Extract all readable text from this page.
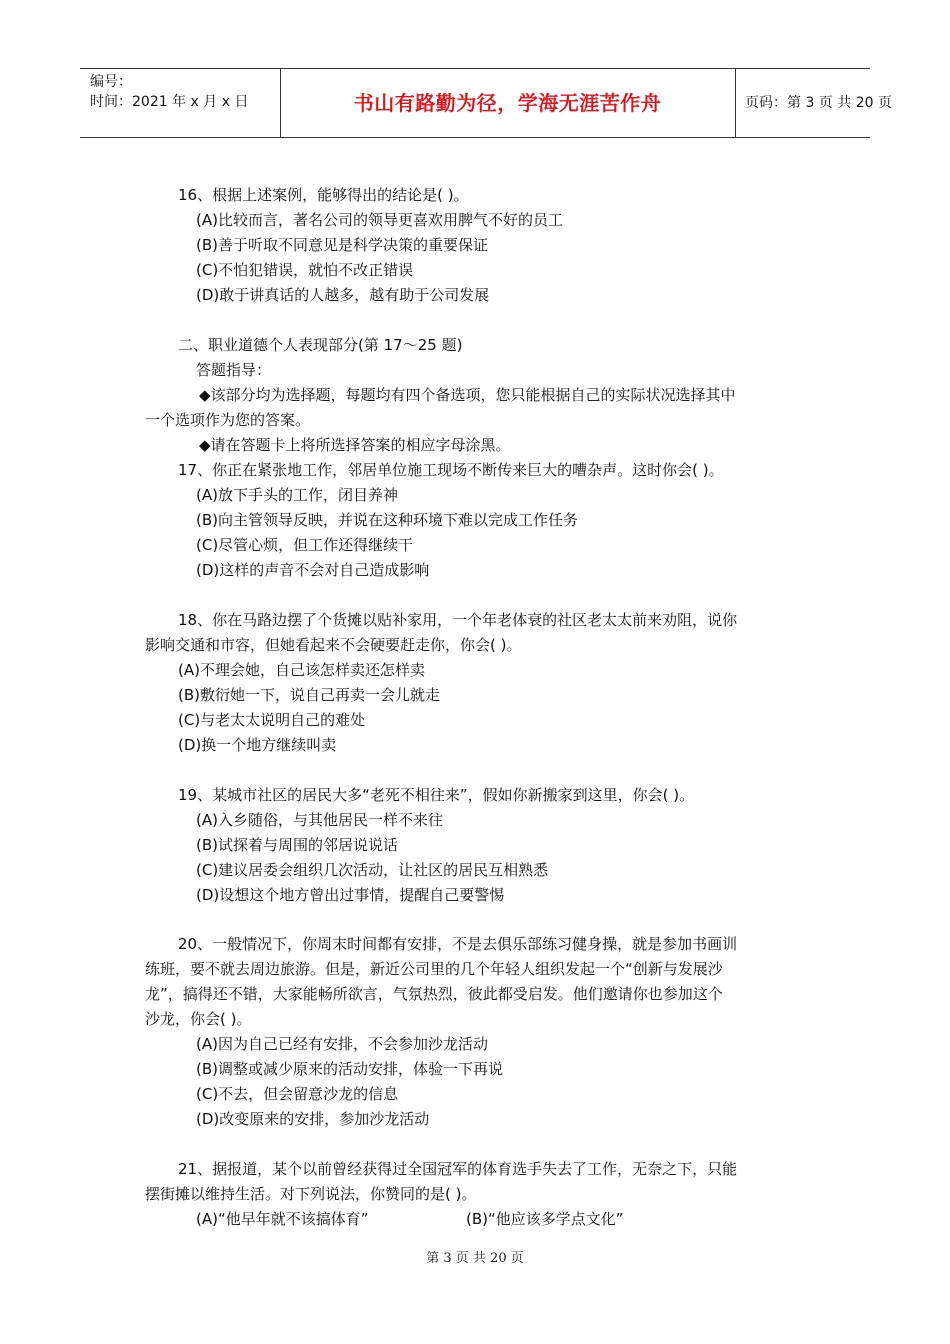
编号：
时间：2021 年 x 月 x 日	书山有路勤为径，学海无涯苦作舟	页码：第 3 页 共 20 页
16、根据上述案例，能够得出的结论是( )。
(A)比较而言，著名公司的领导更喜欢用脾气不好的员工
(B)善于听取不同意见是科学决策的重要保证
(C)不怕犯错误，就怕不改正错误
(D)敢于讲真话的人越多，越有助于公司发展
二、职业道德个人表现部分(第 17～25 题)
答题指导：
◆该部分均为选择题，每题均有四个备选项，您只能根据自己的实际状况选择其中
一个选项作为您的答案。
◆请在答题卡上将所选择答案的相应字母涂黑。
17、你正在紧张地工作，邻居单位施工现场不断传来巨大的嘈杂声。这时你会( )。
(A)放下手头的工作，闭目养神
(B)向主管领导反映，并说在这种环境下难以完成工作任务
(C)尽管心烦，但工作还得继续干
(D)这样的声音不会对自己造成影响
18、你在马路边摆了个货摊以贴补家用，一个年老体衰的社区老太太前来劝阻，说你
影响交通和市容，但她看起来不会硬要赶走你，你会( )。
(A)不理会她，自己该怎样卖还怎样卖
(B)敷衍她一下，说自己再卖一会儿就走
(C)与老太太说明自己的难处
(D)换一个地方继续叫卖
19、某城市社区的居民大多“老死不相往来”，假如你新搬家到这里，你会( )。
(A)入乡随俗，与其他居民一样不来往
(B)试探着与周围的邻居说说话
(C)建议居委会组织几次活动，让社区的居民互相熟悉
(D)设想这个地方曾出过事情，提醒自己要警惕
20、一般情况下，你周末时间都有安排，不是去俱乐部练习健身操，就是参加书画训
练班，要不就去周边旅游。但是，新近公司里的几个年轻人组织发起一个“创新与发展沙
龙”，搞得还不错，大家能畅所欲言，气氛热烈，彼此都受启发。他们邀请你也参加这个
沙龙，你会( )。
(A)因为自己已经有安排，不会参加沙龙活动
(B)调整或减少原来的活动安排，体验一下再说
(C)不去，但会留意沙龙的信息
(D)改变原来的安排，参加沙龙活动
21、据报道，某个以前曾经获得过全国冠军的体育选手失去了工作，无奈之下，只能
摆街摊以维持生活。对下列说法，你赞同的是( )。
(A)“他早年就不该搞体育”	(B)“他应该多学点文化”
第 3 页 共 20 页
